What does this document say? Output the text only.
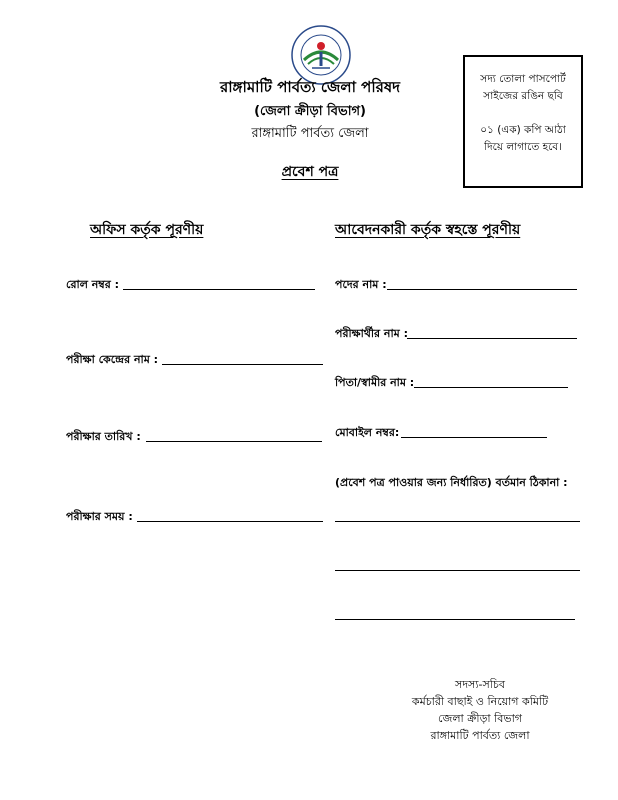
রাঙ্গামাটি পার্বত্য জেলা পরিষদ
(জেলা ক্রীড়া বিভাগ)
রাঙ্গামাটি পার্বত্য জেলা
প্রবেশ পত্র
সদ্য তোলা পাসপোর্ট
সাইজের রঙিন ছবি
০১ (এক) কপি আঠা
দিয়ে লাগাতে হবে।
অফিস কর্তৃক পূরণীয়	আবেদনকারী কর্তৃক স্বহস্তে পূরণীয়
রোল নম্বর :
পরীক্ষা কেন্দ্রের নাম :
পরীক্ষার তারিখ :
পরীক্ষার সময় :
পদের নাম :
পরীক্ষার্থীর নাম :
পিতা/স্বামীর নাম :
মোবাইল নম্বর:
(প্রবেশ পত্র পাওয়ার জন্য নির্ধারিত) বর্তমান ঠিকানা :
সদস্য-সচিব
কর্মচারী বাছাই ও নিয়োগ কমিটি
জেলা ক্রীড়া বিভাগ
রাঙ্গামাটি পার্বত্য জেলা
